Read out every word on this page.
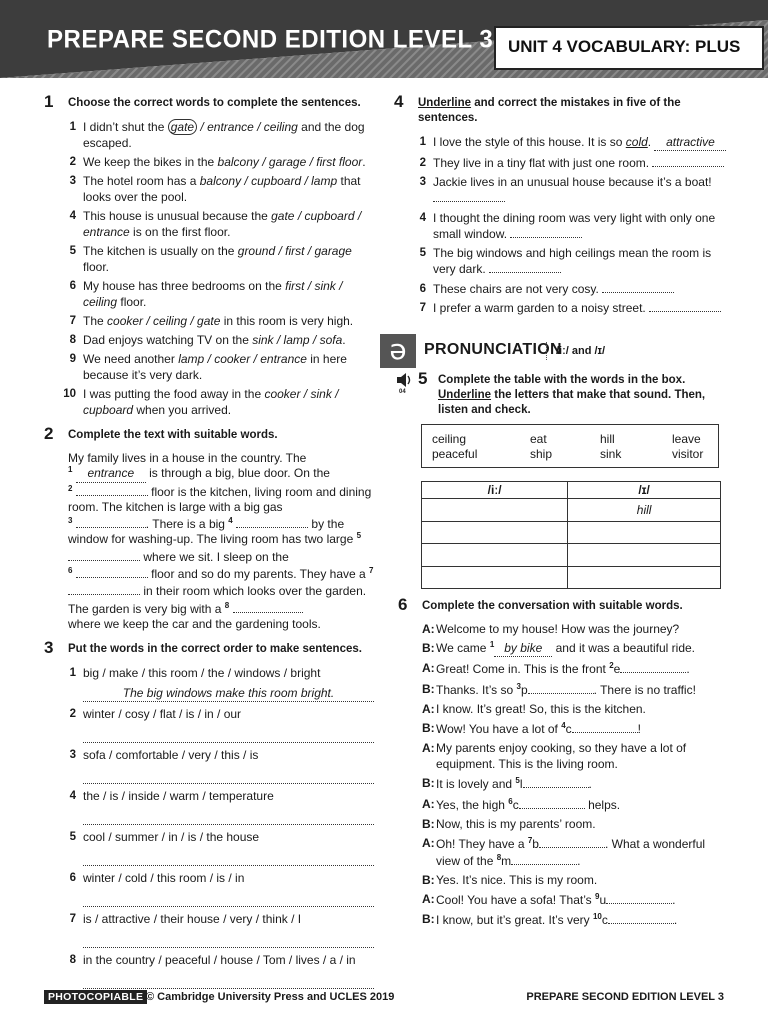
PREPARE SECOND EDITION LEVEL 3 UNIT 4 VOCABULARY: PLUS
1 Choose the correct words to complete the sentences.
1 I didn’t shut the gate / entrance / ceiling and the dog escaped.
2 We keep the bikes in the balcony / garage / first floor.
3 The hotel room has a balcony / cupboard / lamp that looks over the pool.
4 This house is unusual because the gate / cupboard / entrance is on the first floor.
5 The kitchen is usually on the ground / first / garage floor.
6 My house has three bedrooms on the first / sink / ceiling floor.
7 The cooker / ceiling / gate in this room is very high.
8 Dad enjoys watching TV on the sink / lamp / sofa.
9 We need another lamp / cooker / entrance in here because it’s very dark.
10 I was putting the food away in the cooker / sink / cupboard when you arrived.
2 Complete the text with suitable words.
My family lives in a house in the country. The
$^1$ entrance is through a big, blue door. On the
$^2$	floor is the kitchen, living room and dining room. The kitchen is large with a big gas
$^3$	. There is a big $^4$	by the window for washing-up. The living room has two large $^5$  where we sit. I sleep on the
$^6$	floor and so do my parents. They have a $^7$  in their room which looks over the garden. The garden is very big with a $^8$
where we keep the car and the gardening tools.
3 Put the words in the correct order to make sentences.
1 big / make / this room / the / windows / bright
The big windows make this room bright.
2 winter / cosy / flat / is / in / our
3 sofa / comfortable / very / this / is
4 the / is / inside / warm / temperature
5 cool / summer / in / is / the house
6 winter / cold / this room / is / in
7 is / attractive / their house / very / think / I
8 in the country / peaceful / house / Tom / lives / a / in
4 Underline and correct the mistakes in five of the sentences.
1 I love the style of this house. It is so cold. attractive
2 They live in a tiny flat with just one room.
3 Jackie lives in an unusual house because it’s a boat!
4 I thought the dining room was very light with only one small window.
5 The big windows and high ceilings mean the room is very dark.
6 These chairs are not very cosy.
7 I prefer a warm garden to a noisy street.
ə	PRONUNCIATION
/iː/ and /ɪ/
04
5 Complete the table with the words in the box.
Underline the letters that make that sound. Then, listen and check.
ceiling	eat	hill	leave
peaceful	ship	sink	visitor
/iː/	/ɪ/
	hill

6 Complete the conversation with suitable words.
A: Welcome to my house! How was the journey?
B: We came $^1$ by bike and it was a beautiful ride.
A: Great! Come in. This is the front $^2$e	.
B: Thanks. It’s so $^3$p	. There is no traffic!
A: I know. It’s great! So, this is the kitchen.
B: Wow! You have a lot of $^4$c	!
A: My parents enjoy cooking, so they have a lot of equipment. This is the living room.
B: It is lovely and $^5$l	.
A: Yes, the high $^6$c	helps.
B: Now, this is my parents’ room.
A: Oh! They have a $^7$b	. What a wonderful view of the $^8$m	.
B: Yes. It’s nice. This is my room.
A: Cool! You have a sofa! That’s $^9$u	.
B: I know, but it’s great. It’s very $^{10}$c	.
PHOTOCOPIABLE © Cambridge University Press and UCLES 2019	PREPARE SECOND EDITION LEVEL 3
